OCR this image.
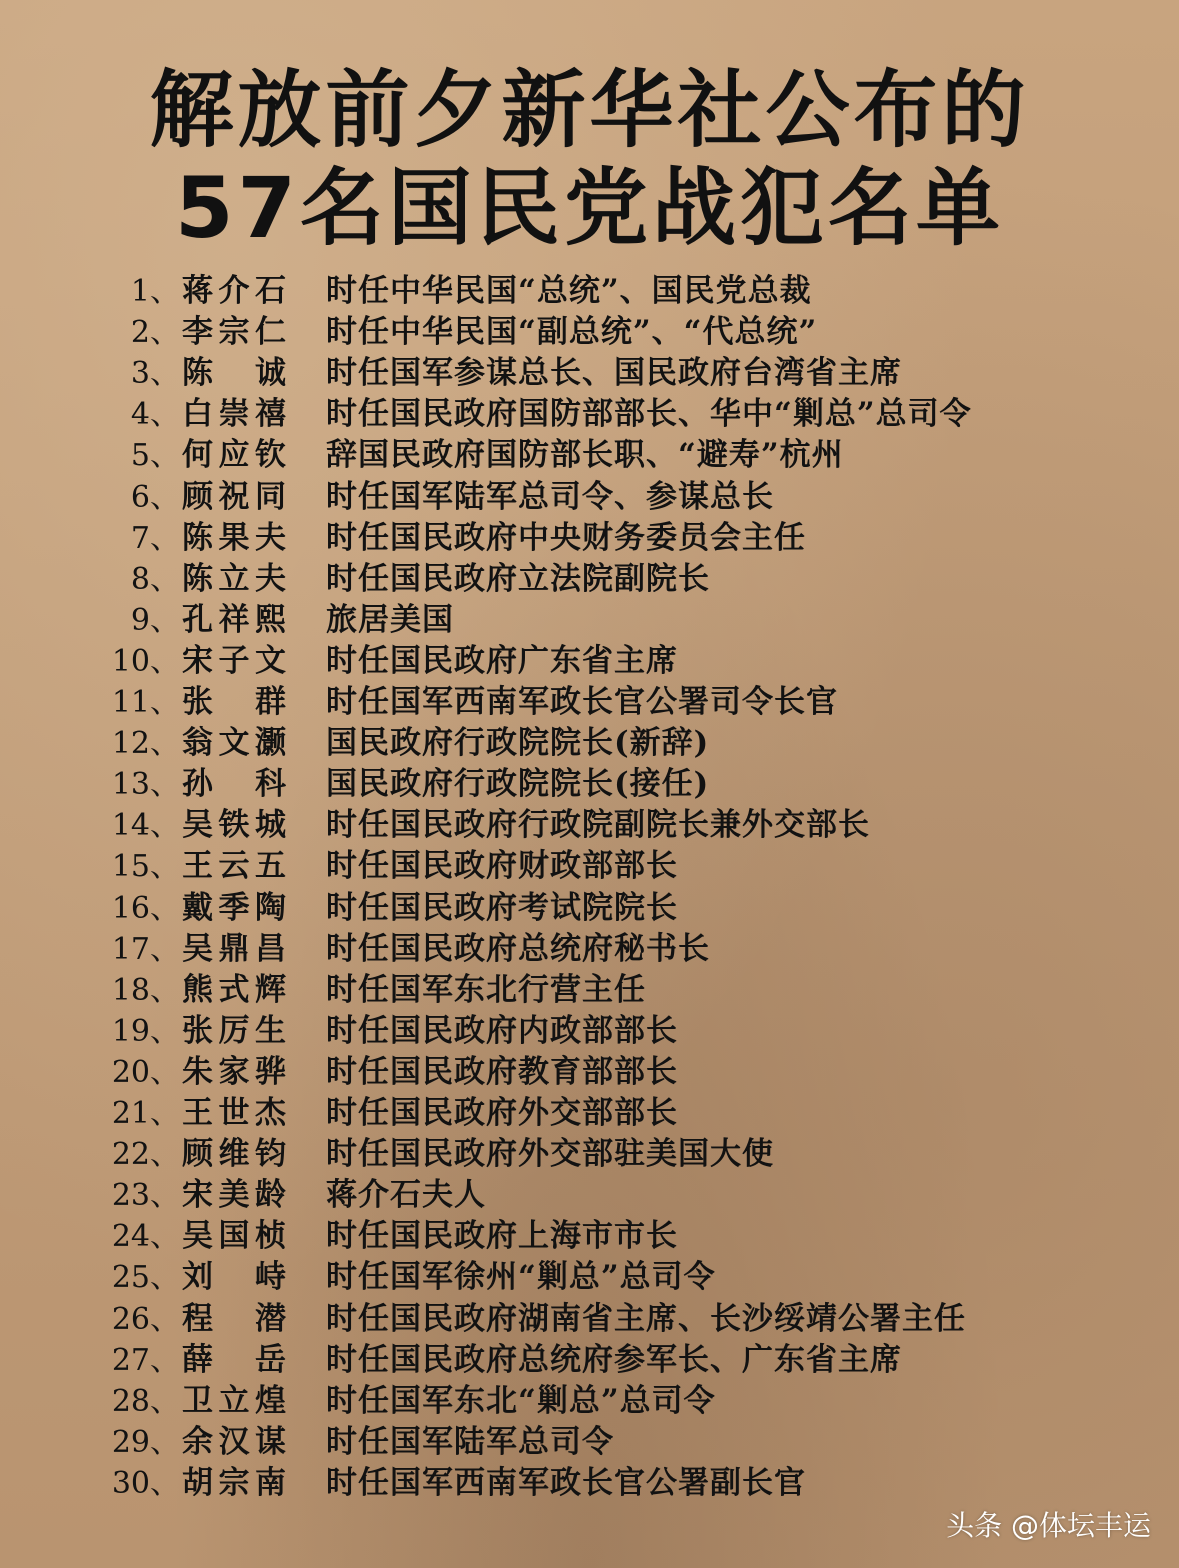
解放前夕新华社公布的
57名国民党战犯名单
1、 蒋介石 时任中华民国“总统”、国民党总裁
2、 李宗仁 时任中华民国“副总统”、“代总统”
3、 陈诚 时任国军参谋总长、国民政府台湾省主席
4、 白崇禧 时任国民政府国防部部长、华中“剿总”总司令
5、 何应钦 辞国民政府国防部长职、“避寿”杭州
6、 顾祝同 时任国军陆军总司令、参谋总长
7、 陈果夫 时任国民政府中央财务委员会主任
8、 陈立夫 时任国民政府立法院副院长
9、 孔祥熙 旅居美国
10、 宋子文 时任国民政府广东省主席
11、 张群 时任国军西南军政长官公署司令长官
12、 翁文灏 国民政府行政院院长(新辞)
13、 孙科 国民政府行政院院长(接任)
14、 吴铁城 时任国民政府行政院副院长兼外交部长
15、 王云五 时任国民政府财政部部长
16、 戴季陶 时任国民政府考试院院长
17、 吴鼎昌 时任国民政府总统府秘书长
18、 熊式辉 时任国军东北行营主任
19、 张厉生 时任国民政府内政部部长
20、 朱家骅 时任国民政府教育部部长
21、 王世杰 时任国民政府外交部部长
22、 顾维钧 时任国民政府外交部驻美国大使
23、 宋美龄 蒋介石夫人
24、 吴国桢 时任国民政府上海市市长
25、 刘峙 时任国军徐州“剿总”总司令
26、 程潜 时任国民政府湖南省主席、长沙绥靖公署主任
27、 薛岳 时任国民政府总统府参军长、广东省主席
28、 卫立煌 时任国军东北“剿总”总司令
29、 余汉谋 时任国军陆军总司令
30、 胡宗南 时任国军西南军政长官公署副长官
头条 @体坛丰运
